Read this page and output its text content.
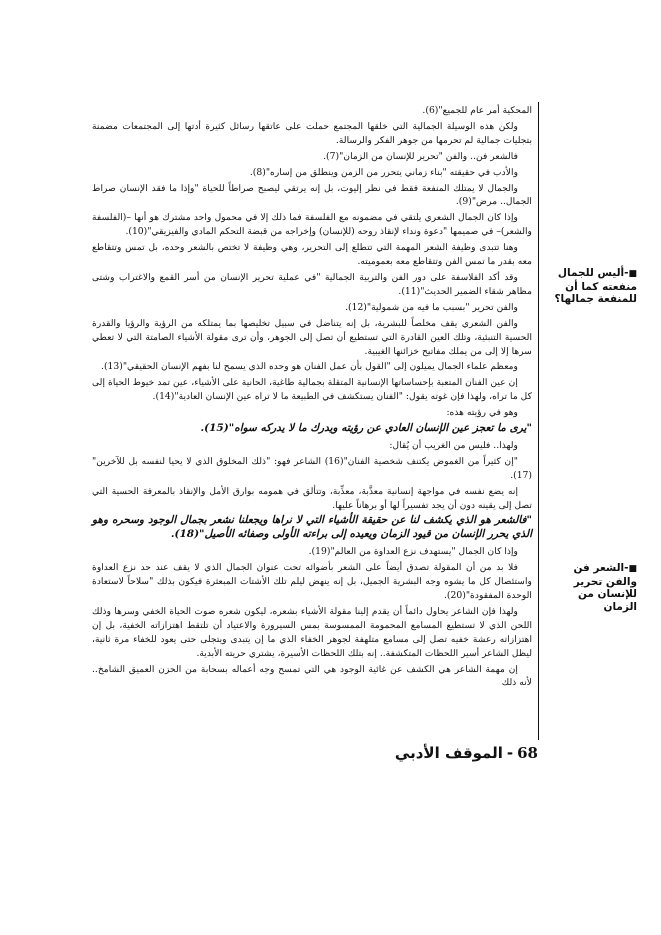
■-أليس للجمال
منفعته كما أن
للمنفعة جمالها؟
■-الشعر فن
والفن تحرير
للإنسان من الزمان

المحكية أمر عام للجميع"(6).

ولكن هذه الوسيلة الجمالية التي خلقها المجتمع حملت على عاتقها رسائل كثيرة أدتها إلى المجتمعات مضمنة بتجليات جمالية لم تحرمها من جوهر الفكر والرسالة.

فالشعر فن.. والفن "تحرير للإنسان من الزمان"(7).

والأدب في حقيقته "بناء زماني يتحرر من الزمن وينطلق من إساره"(8).

والجمال لا يمتلك المنفعة فقط في نظر إليوت، بل إنه يرتقي ليصبح صراطاً للحياة "وإذا ما فقد الإنسان صراط الجمال.. مرض"(9).

وإذا كان الجمال الشعري يلتقي في مضمونه مع الفلسفة فما ذلك إلا في محمول واحد مشترك هو أنها –(الفلسفة والشعر)– في صميمها "دعوة ونداء لإنقاذ روحه (للإنسان) وإخراجه من قبضة التحكم المادي والفيزيقي"(10).

وهنا تتبدى وظيفة الشعر المهمة التي تتطلع إلى التحرير، وهي وظيفة لا تختص بالشعر وحده، بل تمس وتتقاطع معه بقدر ما تمس الفن وتتقاطع معه بعموميته.

وقد أكد الفلاسفة على دور الفن والتربية الجمالية "في عملية تحرير الإنسان من أسر القمع والاغتراب وشتى مظاهر شقاء الضمير الحديث"(11).

والفن تحرير "بسبب ما فيه من شمولية"(12).

والفن الشعري يقف مخلصاً للبشرية، بل إنه يتناضل في سبيل تخليصها بما يمتلكه من الرؤية والرؤيا والقدرة الحسية التنبئية، وتلك العين القادرة التي تستطيع أن تصل إلى الجوهر، وأن ترى مقولة الأشياء الصامتة التي لا تعطي سرها إلا إلى من يملك مفاتيح خزائنها الغيبية.

ومعظم علماء الجمال يميلون إلى "القول بأن عمل الفنان هو وحده الذي يسمح لنا بفهم الإنسان الحقيقي"(13).

إن عين الفنان المتعبة بإحساساتها الإنسانية المتقلة بجمالية طاغية، الحانية على الأشياء، عين تمد خيوط الحياة إلى كل ما تراه، ولهذا فإن غوته يقول: "الفنان يستكشف في الطبيعة ما لا تراه عين الإنسان العادية"(14).

وهو في رؤيته هذه:

"يرى ما تعجز عين الإنسان العادي عن رؤيته ويدرك ما لا يدركه سواه"(15).

ولهذا.. فليس من الغريب أن يُقال:

"إن كثيراً من الغموض يكتنف شخصية الفنان"(16) الشاعر فهو: "ذلك المخلوق الذي لا يحيا لنفسه بل للآخرين"(17).

إنه يضع نفسه في مواجهة إنسانية معذَّبة، معذِّبة، وتتألق في همومه بوارق الأمل والإنقاذ بالمعرفة الحسية التي تصل إلى يقينه دون أن يجد تفسيراً لها أو برهاناً عليها.

"فالشعر هو الذي يكشف لنا عن حقيقة الأشياء التي لا نراها ويجعلنا نشعر بجمال الوجود وسحره وهو الذي يحرر الإنسان من قيود الزمان ويعيده إلى براءته الأولى وصفائه الأصيل"(18).

وإذا كان الجمال "يستهدف نزع العداوة من العالم"(19).

فلا بد من أن المقولة تصدق أيضاً على الشعر بأضوائه تحت عنوان الجمال الذي لا يقف عند حد نزع العداوة واستئصال كل ما يشوه وجه البشرية الجميل، بل إنه ينهض ليلم تلك الأشتات المبعثرة فيكون بذلك "سلاحاً لاستعادة الوحدة المفقودة"(20).

ولهذا فإن الشاعر يحاول دائماً أن يقدم إلينا مقولة الأشياء بشعره، ليكون شعره صوت الحياة الخفي وسرها وذلك اللحن الذي لا تستطيع المسامع المحمومة الممسوسة بمس السيرورة والاعتياد أن تلتقط اهتزازاته الخفية، بل إن اهتزازاته رعشة خفيه تصل إلى مسامع متلهفة لجوهر الخفاء الذي ما إن يتبدى ويتجلى حتى يعود للخفاء مرة ثانية، ليظل الشاعر أسير اللحظات المتكشفة.. إنه بتلك اللحظات الأسيرة، يشتري حريته الأبدية.

إن مهمة الشاعر هي الكشف عن غائية الوجود هي التي تمسح وجه أعماله بسحابة من الحزن العميق الشامخ.. لأنه ذلك

68-الموقف الأدبي
